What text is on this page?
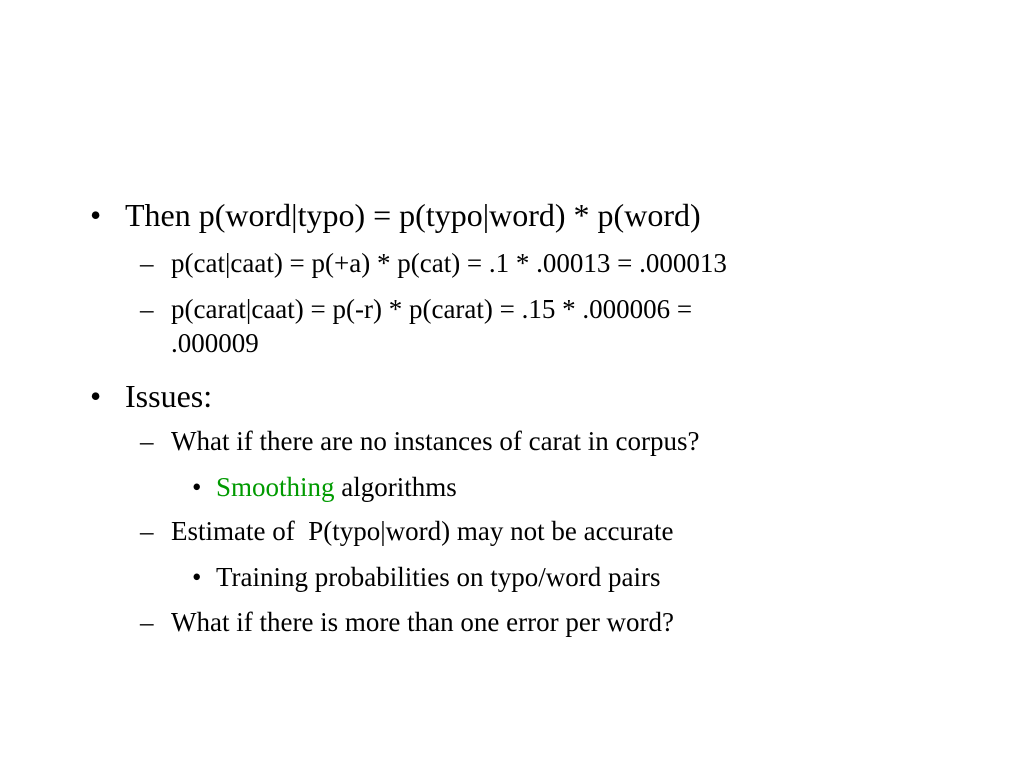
• Then p(word|typo) = p(typo|word) * p(word)
– p(cat|caat) = p(+a) * p(cat) = .1 * .00013 = .000013
– p(carat|caat) = p(-r) * p(carat) = .15 * .000006 =
.000009
• Issues:
– What if there are no instances of carat in corpus?
• Smoothing algorithms
– Estimate of  P(typo|word) may not be accurate
• Training probabilities on typo/word pairs
– What if there is more than one error per word?
